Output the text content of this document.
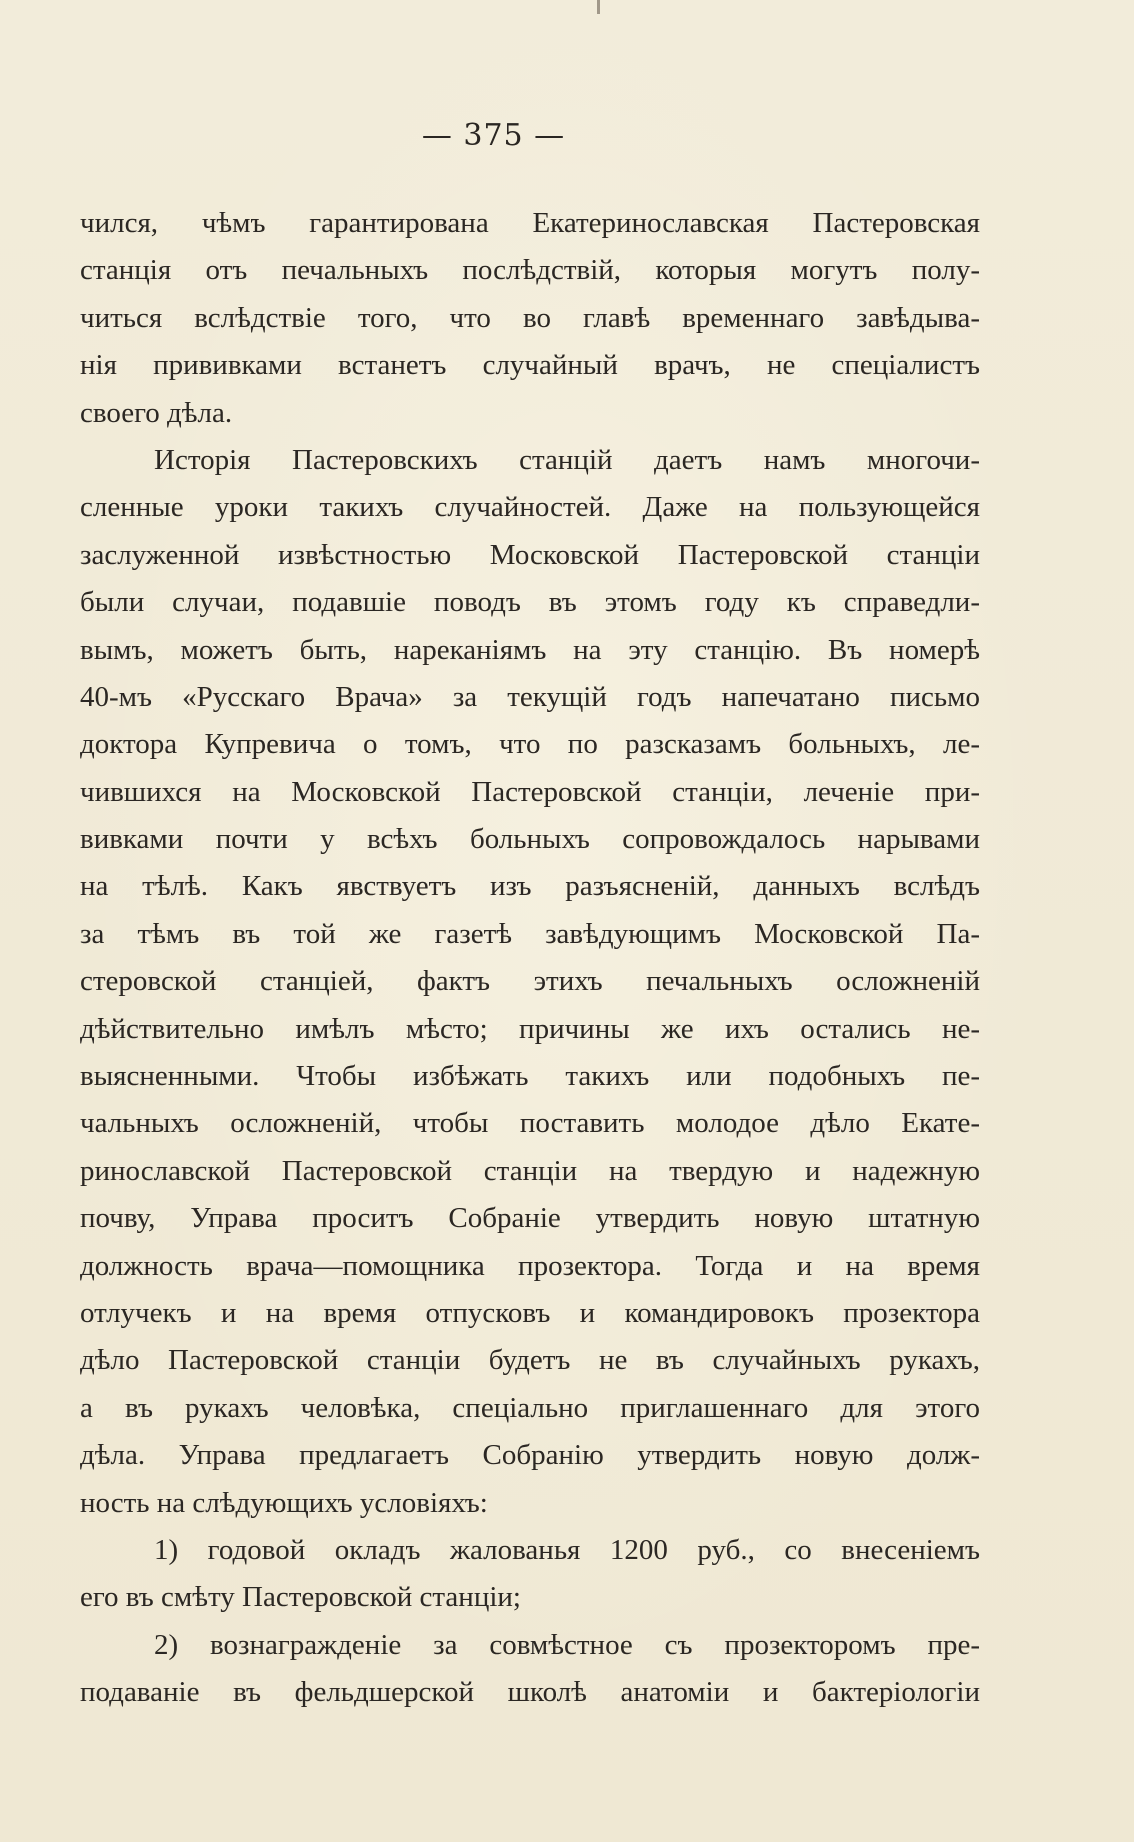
— 375 —
чился, чѣмъ гарантирована Екатеринославская Пастеровская
станція отъ печальныхъ послѣдствій, которыя могутъ полу-
читься вслѣдствіе того, что во главѣ временнаго завѣдыва-
нія прививками встанетъ случайный врачъ, не спеціалистъ
своего дѣла.
Исторія Пастеровскихъ станцій даетъ намъ многочи-
сленные уроки такихъ случайностей. Даже на пользующейся
заслуженной извѣстностью Московской Пастеровской станціи
были случаи, подавшіе поводъ въ этомъ году къ справедли-
вымъ, можетъ быть, нареканіямъ на эту станцію. Въ номерѣ
40-мъ «Русскаго Врача» за текущій годъ напечатано письмо
доктора Купревича о томъ, что по разсказамъ больныхъ, ле-
чившихся на Московской Пастеровской станціи, леченіе при-
вивками почти у всѣхъ больныхъ сопровождалось нарывами
на тѣлѣ. Какъ явствуетъ изъ разъясненій, данныхъ вслѣдъ
за тѣмъ въ той же газетѣ завѣдующимъ Московской Па-
стеровской станціей, фактъ этихъ печальныхъ осложненій
дѣйствительно имѣлъ мѣсто; причины же ихъ остались не-
выясненными. Чтобы избѣжать такихъ или подобныхъ пе-
чальныхъ осложненій, чтобы поставить молодое дѣло Екате-
ринославской Пастеровской станціи на твердую и надежную
почву, Управа проситъ Собраніе утвердить новую штатную
должность врача—помощника прозектора. Тогда и на время
отлучекъ и на время отпусковъ и командировокъ прозектора
дѣло Пастеровской станціи будетъ не въ случайныхъ рукахъ,
а въ рукахъ человѣка, спеціально приглашеннаго для этого
дѣла. Управа предлагаетъ Собранію утвердить новую долж-
ность на слѣдующихъ условіяхъ:
1) годовой окладъ жалованья 1200 руб., со внесеніемъ
его въ смѣту Пастеровской станціи;
2) вознагражденіе за совмѣстное съ прозекторомъ пре-
подаваніе въ фельдшерской школѣ анатоміи и бактеріологіи
